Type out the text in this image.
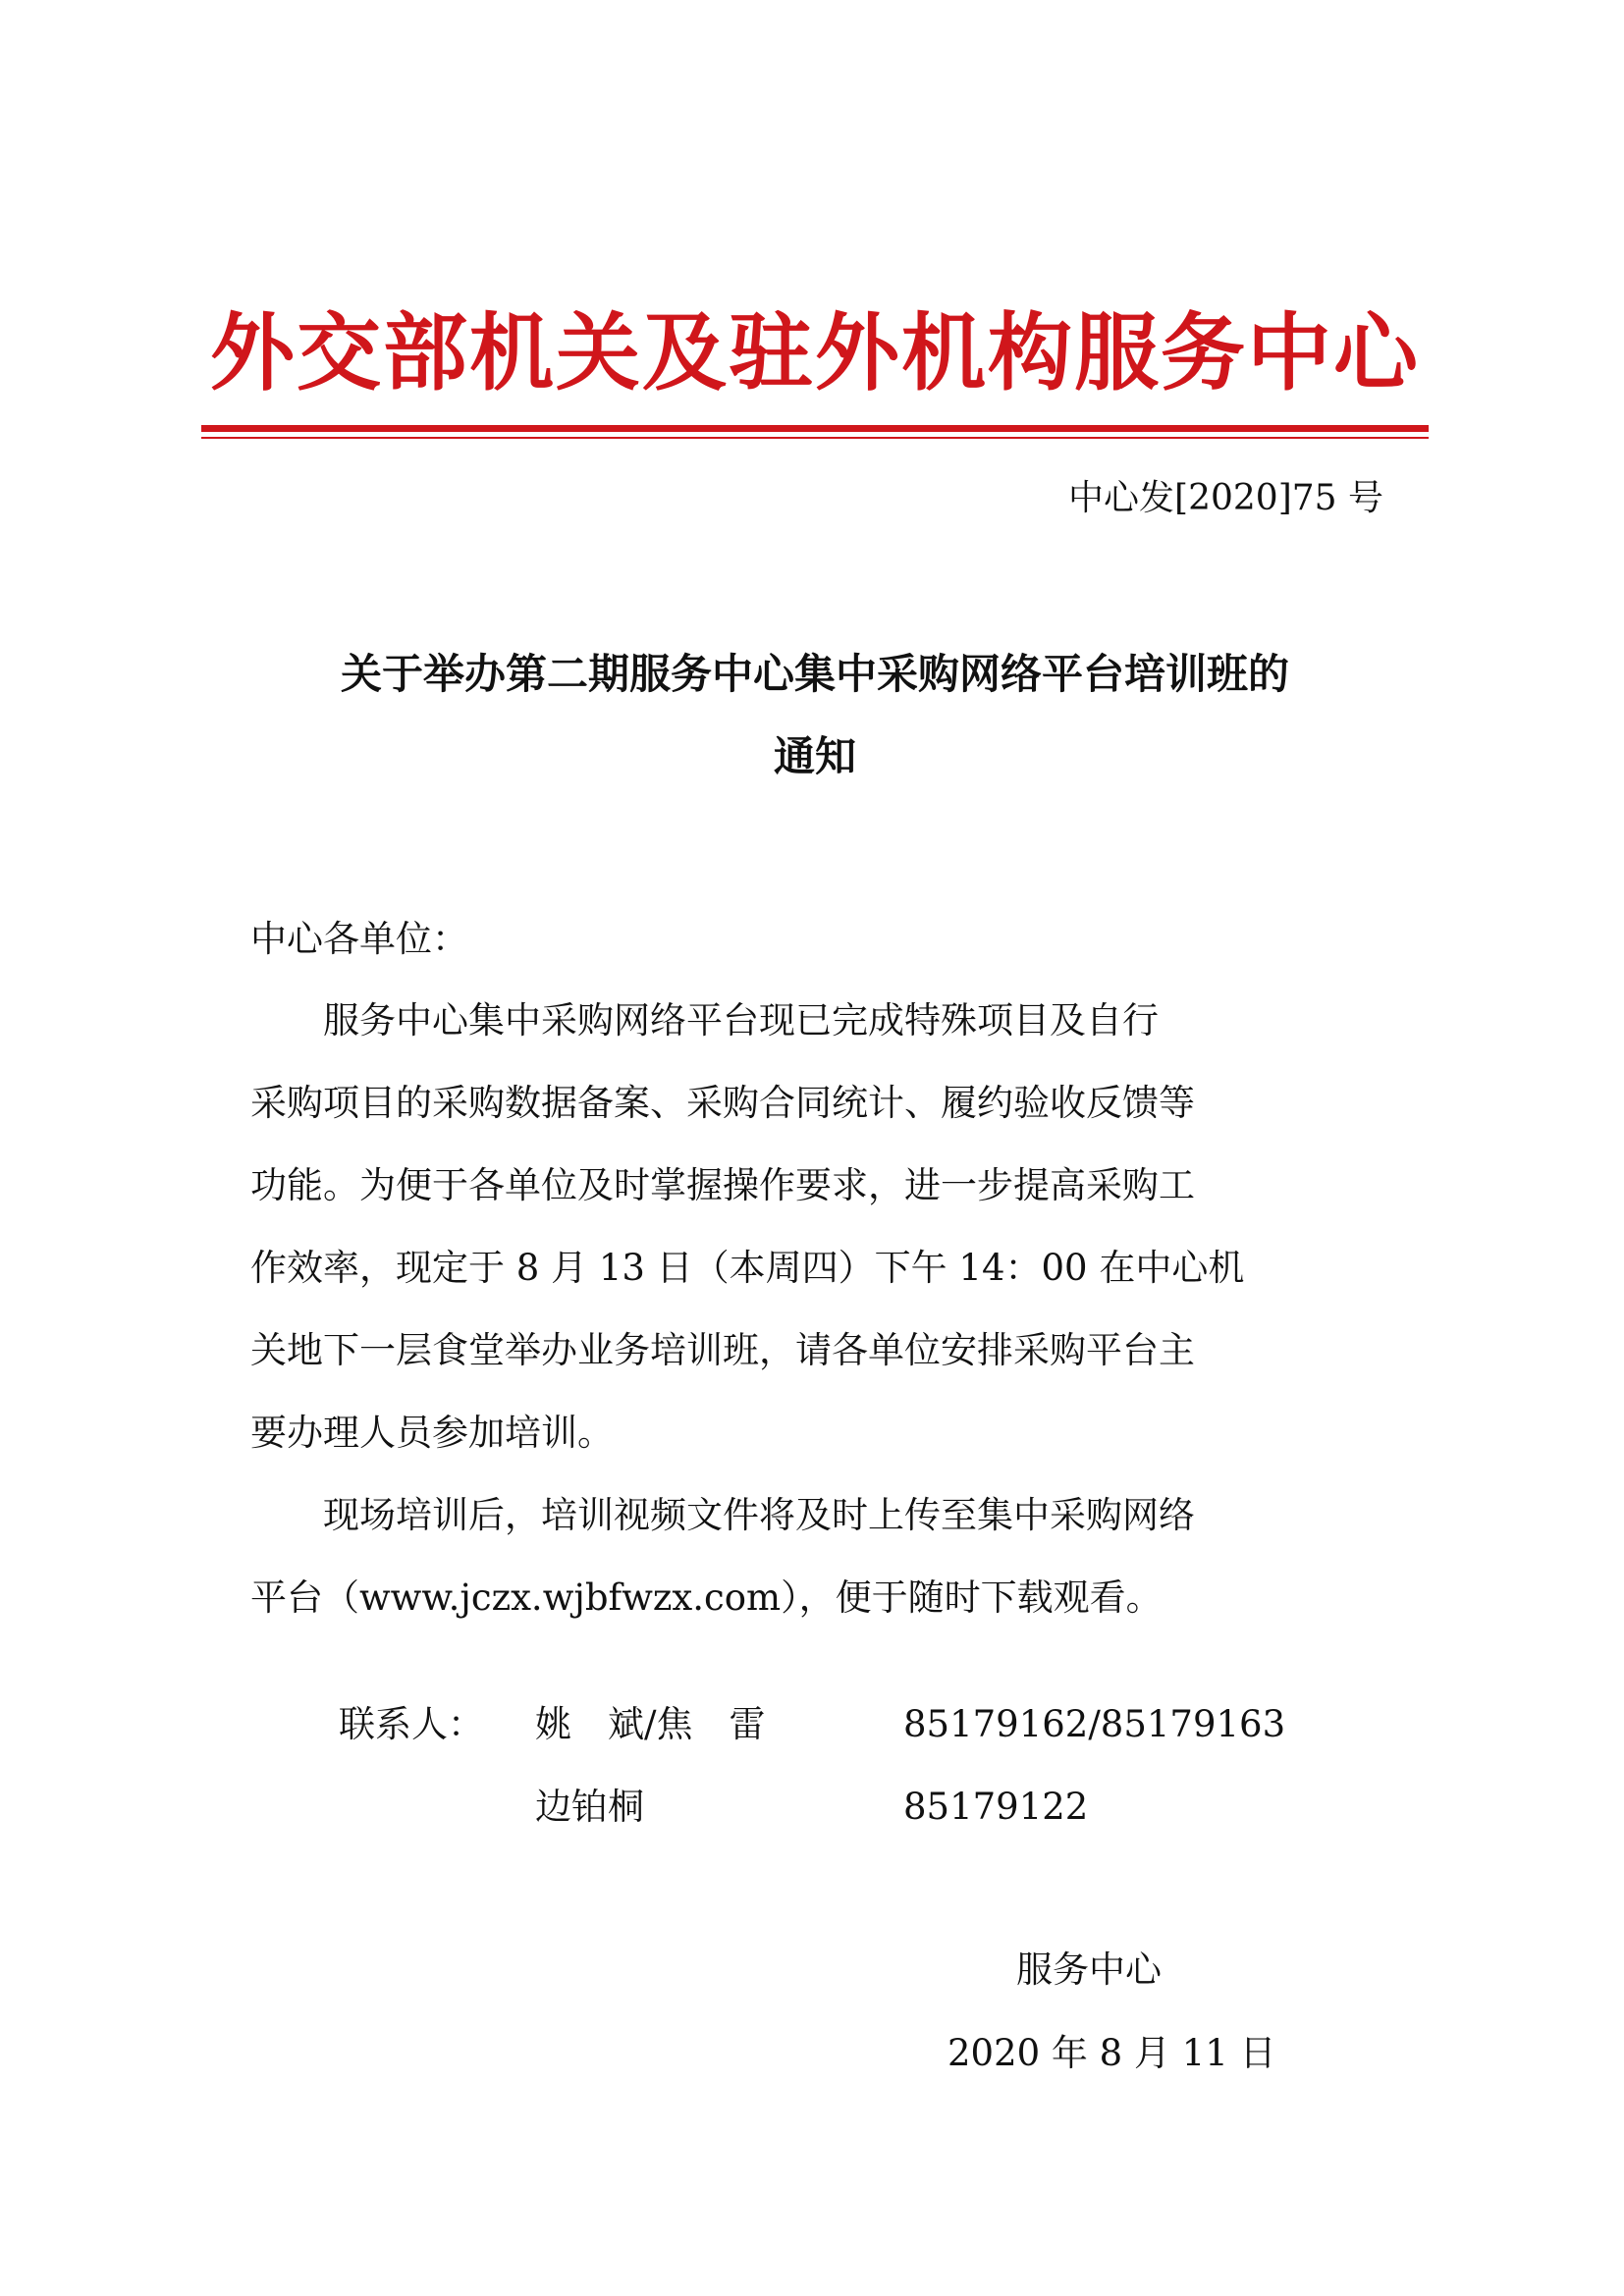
外交部机关及驻外机构服务中心
中心发[2020]75 号
关于举办第二期服务中心集中采购网络平台培训班的
通知
中心各单位：
　　服务中心集中采购网络平台现已完成特殊项目及自行
采购项目的采购数据备案、采购合同统计、履约验收反馈等
功能。为便于各单位及时掌握操作要求，进一步提高采购工
作效率，现定于 8 月 13 日（本周四）下午 14：00 在中心机
关地下一层食堂举办业务培训班，请各单位安排采购平台主
要办理人员参加培训。
　　现场培训后，培训视频文件将及时上传至集中采购网络
平台（www.jczx.wjbfwzx.com），便于随时下载观看。
联系人： 姚　斌/焦　雷	85179162/85179163
边铂桐	85179122
服务中心
2020 年 8 月 11 日
